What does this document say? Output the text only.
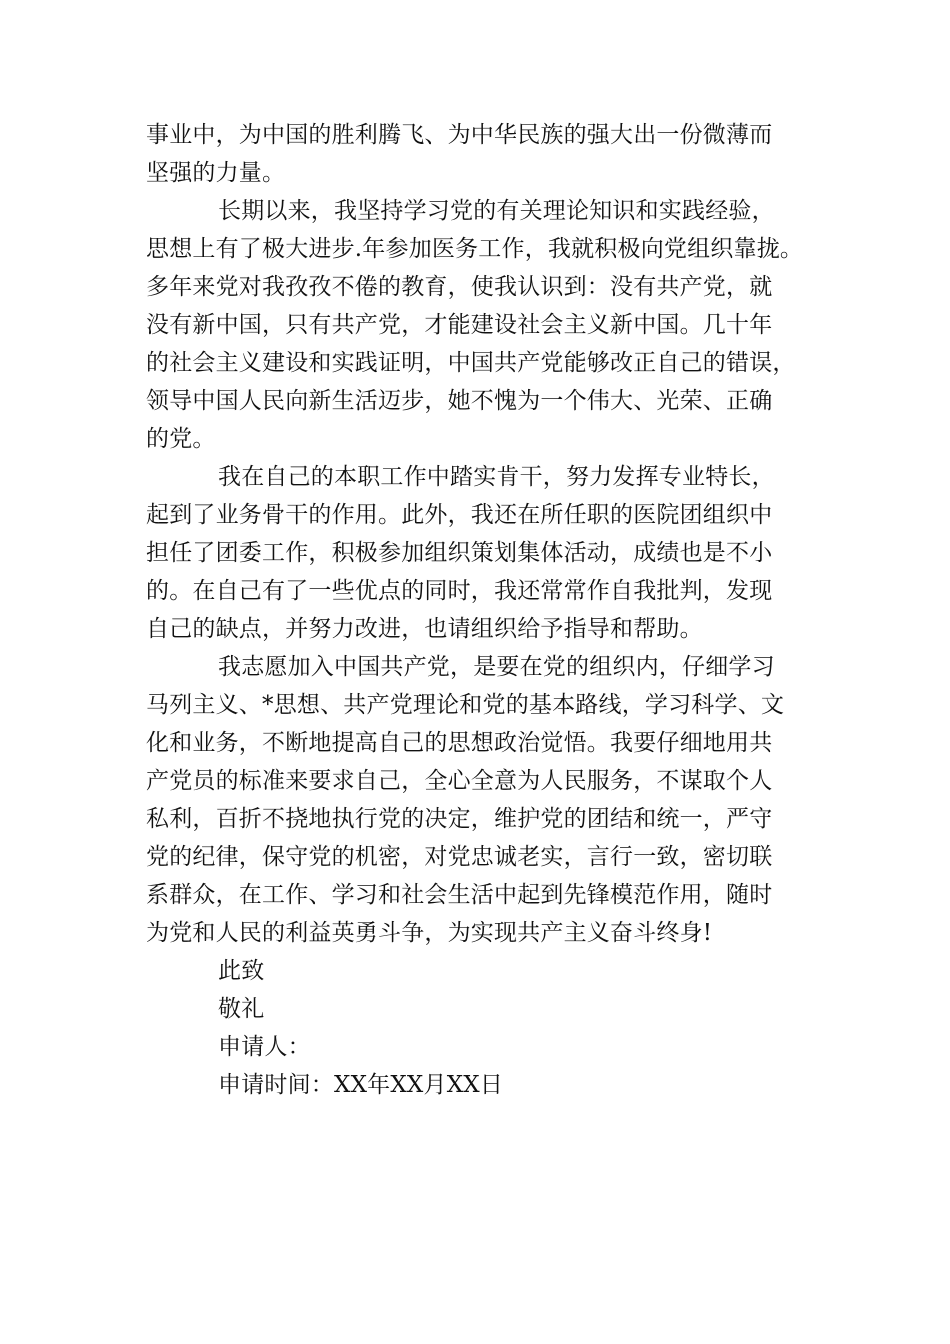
事业中，为中国的胜利腾飞、为中华民族的强大出一份微薄而
坚强的力量。
长期以来，我坚持学习党的有关理论知识和实践经验，
思想上有了极大进步.年参加医务工作，我就积极向党组织靠拢。
多年来党对我孜孜不倦的教育，使我认识到：没有共产党，就
没有新中国，只有共产党，才能建设社会主义新中国。几十年
的社会主义建设和实践证明，中国共产党能够改正自己的错误，
领导中国人民向新生活迈步，她不愧为一个伟大、光荣、正确
的党。
我在自己的本职工作中踏实肯干，努力发挥专业特长，
起到了业务骨干的作用。此外，我还在所任职的医院团组织中
担任了团委工作，积极参加组织策划集体活动，成绩也是不小
的。在自己有了一些优点的同时，我还常常作自我批判，发现
自己的缺点，并努力改进，也请组织给予指导和帮助。
我志愿加入中国共产党，是要在党的组织内，仔细学习
马列主义、*思想、共产党理论和党的基本路线，学习科学、文
化和业务，不断地提高自己的思想政治觉悟。我要仔细地用共
产党员的标准来要求自己，全心全意为人民服务，不谋取个人
私利，百折不挠地执行党的决定，维护党的团结和统一，严守
党的纪律，保守党的机密，对党忠诚老实，言行一致，密切联
系群众，在工作、学习和社会生活中起到先锋模范作用，随时
为党和人民的利益英勇斗争，为实现共产主义奋斗终身!
此致
敬礼
申请人：
申请时间：XX年XX月XX日
